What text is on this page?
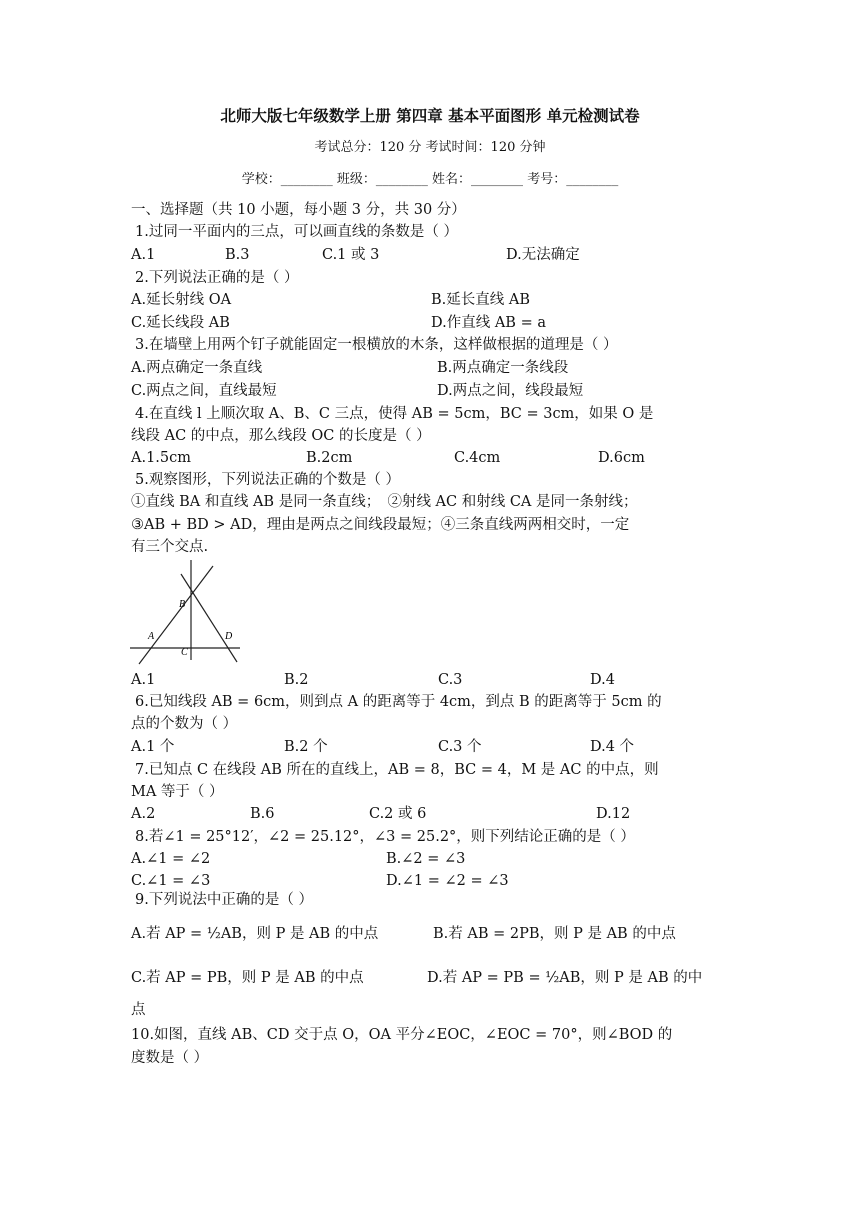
北师大版七年级数学上册 第四章 基本平面图形 单元检测试卷
考试总分：120 分 考试时间：120 分钟
学校：________ 班级：________ 姓名：________ 考号：________
一、选择题（共 10 小题，每小题 3 分，共 30 分）
1.过同一平面内的三点，可以画直线的条数是（ ）
A.1	B.3	C.1 或 3	D.无法确定
2.下列说法正确的是（ ）
A.延长射线 OA	B.延长直线 AB
C.延长线段 AB	D.作直线 AB = a
3.在墙壁上用两个钉子就能固定一根横放的木条，这样做根据的道理是（ ）
A.两点确定一条直线	B.两点确定一条线段
C.两点之间，直线最短	D.两点之间，线段最短
4.在直线 l 上顺次取 A、B、C 三点，使得 AB = 5cm，BC = 3cm，如果 O 是
线段 AC 的中点，那么线段 OC 的长度是（ ）
A.1.5cm	B.2cm	C.4cm	D.6cm
5.观察图形，下列说法正确的个数是（ ）
①直线 BA 和直线 AB 是同一条直线；　②射线 AC 和射线 CA 是同一条射线；
③AB + BD > AD，理由是两点之间线段最短；④三条直线两两相交时，一定
有三个交点.
B
A
C
D
A.1	B.2	C.3	D.4
6.已知线段 AB = 6cm，则到点 A 的距离等于 4cm，到点 B 的距离等于 5cm 的
点的个数为（ ）
A.1 个	B.2 个	C.3 个	D.4 个
7.已知点 C 在线段 AB 所在的直线上，AB = 8，BC = 4，M 是 AC 的中点，则
MA 等于（ ）
A.2	B.6	C.2 或 6	D.12
8.若∠1 = 25°12′，∠2 = 25.12°，∠3 = 25.2°，则下列结论正确的是（ ）
A.∠1 = ∠2	B.∠2 = ∠3
C.∠1 = ∠3	D.∠1 = ∠2 = ∠3
9.下列说法中正确的是（ ）
A.若 AP = ½AB，则 P 是 AB 的中点	B.若 AB = 2PB，则 P 是 AB 的中点
C.若 AP = PB，则 P 是 AB 的中点	D.若 AP = PB = ½AB，则 P 是 AB 的中
点
10.如图，直线 AB、CD 交于点 O，OA 平分∠EOC，∠EOC = 70°，则∠BOD 的
度数是（ ）
